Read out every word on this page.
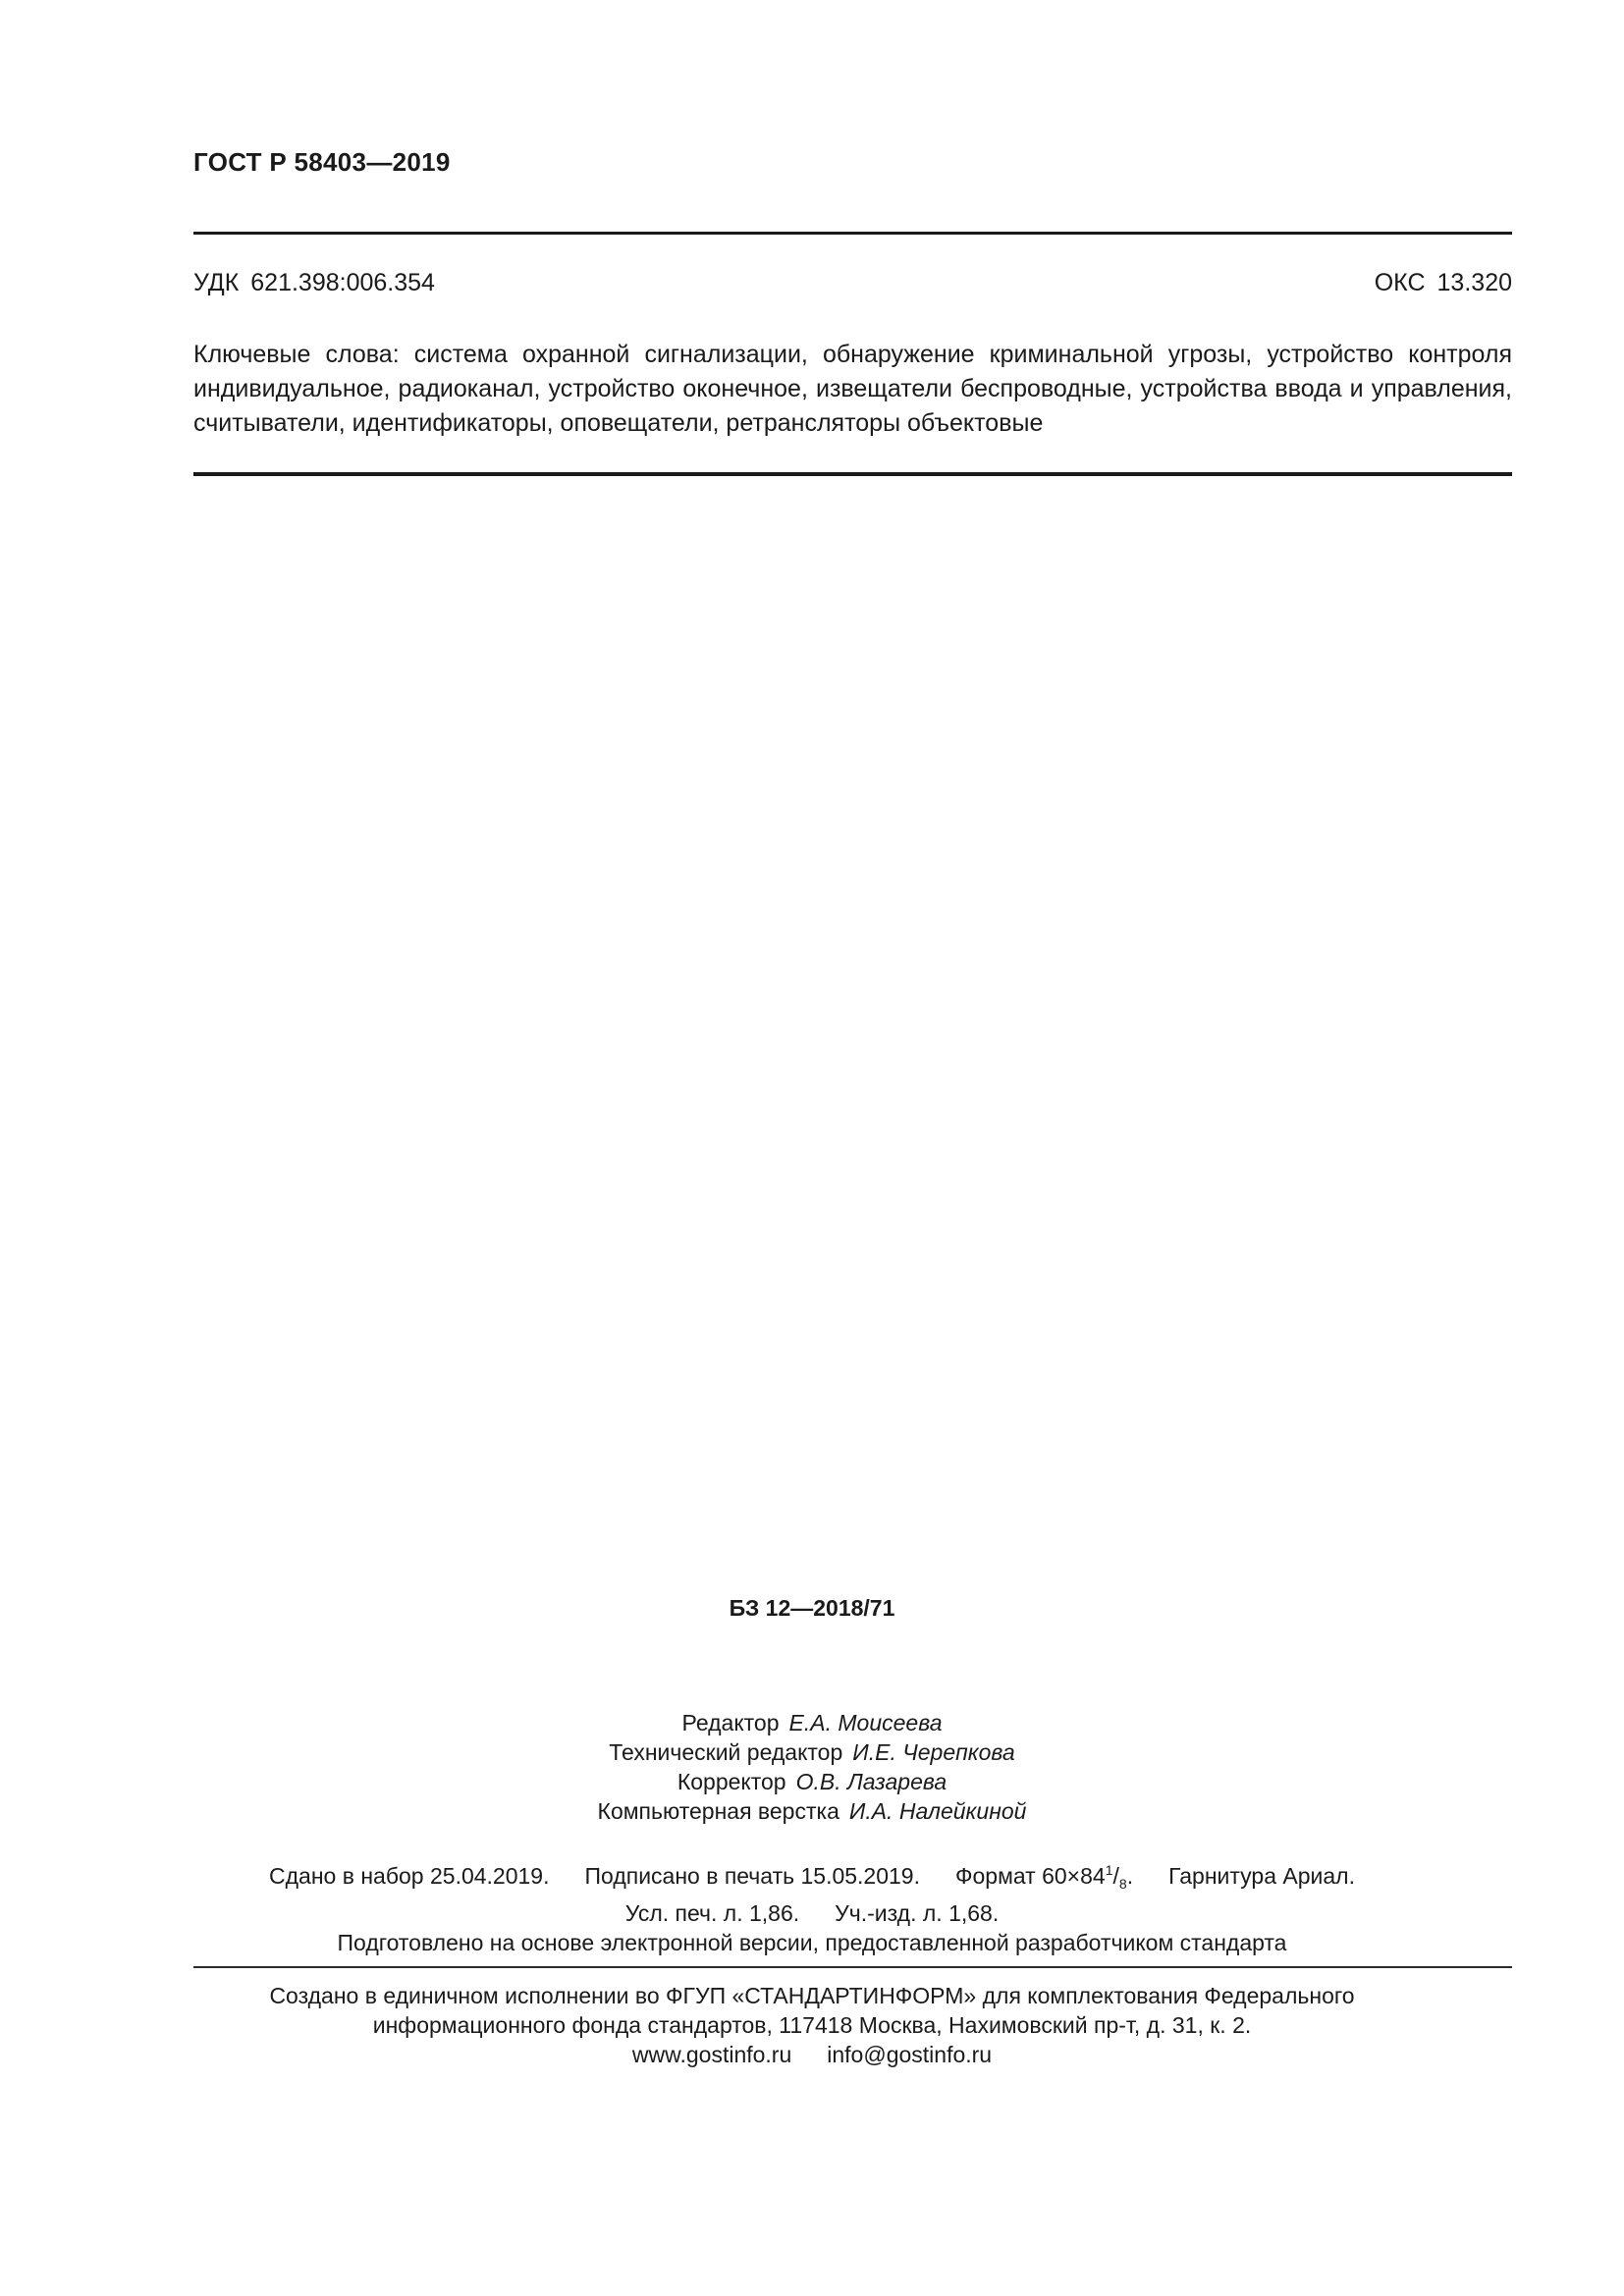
ГОСТ Р 58403—2019
УДК 621.398:006.354	ОКС 13.320
Ключевые слова: система охранной сигнализации, обнаружение криминальной угрозы, устройство контроля индивидуальное, радиоканал, устройство оконечное, извещатели беспроводные, устройства ввода и управления, считыватели, идентификаторы, оповещатели, ретрансляторы объектовые
БЗ 12—2018/71
Редактор Е.А. Моисеева
Технический редактор И.Е. Черепкова
Корректор О.В. Лазарева
Компьютерная верстка И.А. Налейкиной
Сдано в набор 25.04.2019. Подписано в печать 15.05.2019. Формат $60\times 84^1/_8$. Гарнитура Ариал.
Усл. печ. л. 1,86. Уч.-изд. л. 1,68.
Подготовлено на основе электронной версии, предоставленной разработчиком стандарта
Создано в единичном исполнении во ФГУП «СТАНДАРТИНФОРМ» для комплектования Федерального
информационного фонда стандартов, 117418 Москва, Нахимовский пр-т, д. 31, к. 2.
www.gostinfo.ru info@gostinfo.ru
